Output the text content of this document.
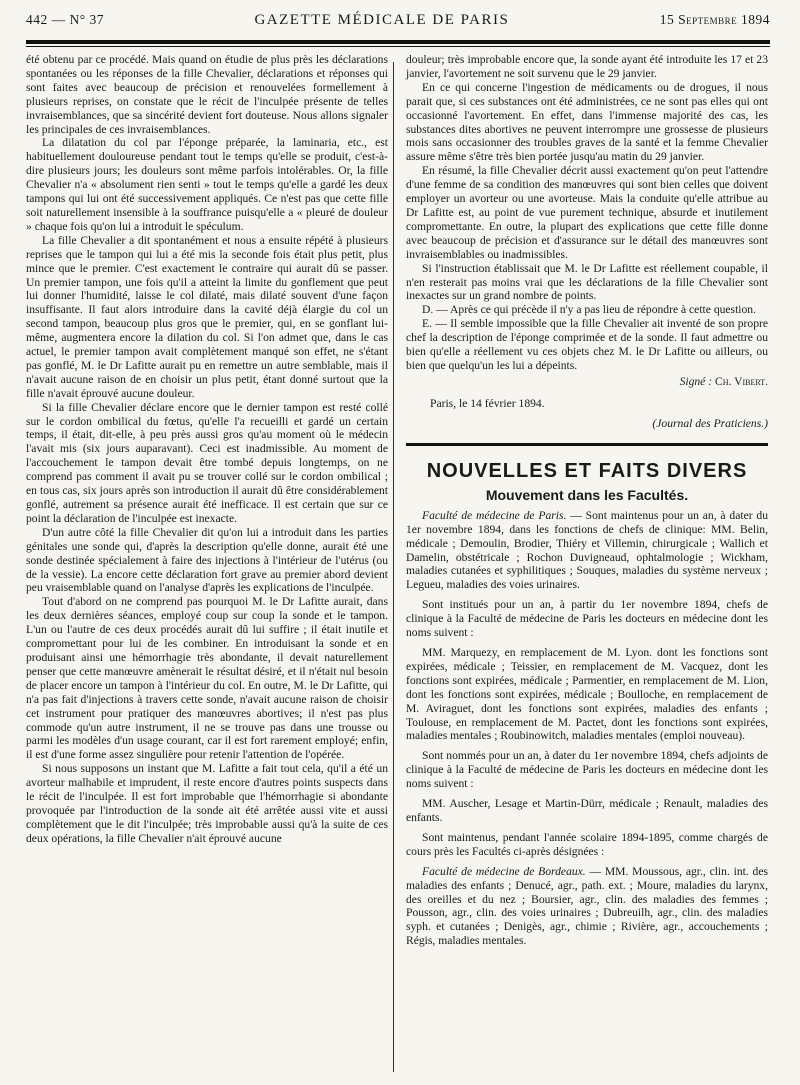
442 — N° 37	GAZETTE MÉDICALE DE PARIS	15 Septembre 1894

été obtenu par ce procédé. Mais quand on étudie de plus près les déclarations spontanées ou les réponses de la fille Chevalier, déclarations et réponses qui sont faites avec beaucoup de précision et renouvelées formellement à plusieurs reprises, on constate que le récit de l'inculpée présente de telles invraisemblances, que sa sincérité devient fort douteuse. Nous allons signaler les principales de ces invraisemblances.

La dilatation du col par l'éponge préparée, la laminaria, etc., est habituellement douloureuse pendant tout le temps qu'elle se produit, c'est-à-dire plusieurs jours; les douleurs sont même parfois intolérables. Or, la fille Chevalier n'a « absolument rien senti » tout le temps qu'elle a gardé les deux tampons qui lui ont été successivement appliqués. Ce n'est pas que cette fille soit naturellement insensible à la souffrance puisqu'elle a « pleuré de douleur » chaque fois qu'on lui a introduit le spéculum.

La fille Chevalier a dit spontanément et nous a ensuite répété à plusieurs reprises que le tampon qui lui a été mis la seconde fois était plus petit, plus mince que le premier. C'est exactement le contraire qui aurait dû se passer. Un premier tampon, une fois qu'il a atteint la limite du gonflement que peut lui donner l'humidité, laisse le col dilaté, mais dilaté souvent d'une façon insuffisante. Il faut alors introduire dans la cavité déjà élargie du col un second tampon, beaucoup plus gros que le premier, qui, en se gonflant lui-même, augmentera encore la dilation du col. Si l'on admet que, dans le cas actuel, le premier tampon avait complètement manqué son effet, ne s'étant pas gonflé, M. le Dr Lafitte aurait pu en remettre un autre semblable, mais il n'avait aucune raison de en choisir un plus petit, étant donné surtout que la fille n'avait éprouvé aucune douleur.

Si la fille Chevalier déclare encore que le dernier tampon est resté collé sur le cordon ombilical du fœtus, qu'elle l'a recueilli et gardé un certain temps, il était, dit-elle, à peu près aussi gros qu'au moment où le médecin l'avait mis (six jours auparavant). Ceci est inadmissible. Au moment de l'accouchement le tampon devait être tombé depuis longtemps, on ne comprend pas comment il avait pu se trouver collé sur le cordon ombilical ; en tous cas, six jours après son introduction il aurait dû être considérablement gonflé, autrement sa présence aurait été inefficace. Il est certain que sur ce point la déclaration de l'inculpée est inexacte.

D'un autre côté la fille Chevalier dit qu'on lui a introduit dans les parties génitales une sonde qui, d'après la description qu'elle donne, aurait été une sonde destinée spécialement à faire des injections à l'intérieur de l'utérus (ou de la vessie). La encore cette déclaration fort grave au premier abord devient peu vraisemblable quand on l'analyse d'après les explications de l'inculpée.

Tout d'abord on ne comprend pas pourquoi M. le Dr Lafitte aurait, dans les deux dernières séances, employé coup sur coup la sonde et le tampon. L'un ou l'autre de ces deux procédés aurait dû lui suffire ; il était inutile et compromettant pour lui de les combiner. En introduisant la sonde et en produisant ainsi une hémorrhagie très abondante, il devait naturellement penser que cette manœuvre amènerait le résultat désiré, et il n'était nul besoin de placer encore un tampon à l'intérieur du col. En outre, M. le Dr Lafitte, qui n'a pas fait d'injections à travers cette sonde, n'avait aucune raison de choisir cet instrument pour pratiquer des manœuvres abortives; il n'est pas plus commode qu'un autre instrument, il ne se trouve pas dans une trousse ou parmi les modèles d'un usage courant, car il est fort rarement employé; enfin, il est d'une forme assez singulière pour retenir l'attention de l'opérée.

Si nous supposons un instant que M. Lafitte a fait tout cela, qu'il a été un avorteur malhabile et imprudent, il reste encore d'autres points suspects dans le récit de l'inculpée. Il est fort improbable que l'hémorrhagie si abondante provoquée par l'introduction de la sonde ait été arrêtée aussi vite et aussi complètement que le dit l'inculpée; très improbable aussi qu'à la suite de ces deux opérations, la fille Chevalier n'ait éprouvé aucune

douleur; très improbable encore que, la sonde ayant été introduite les 17 et 23 janvier, l'avortement ne soit survenu que le 29 janvier.

En ce qui concerne l'ingestion de médicaments ou de drogues, il nous parait que, si ces substances ont été administrées, ce ne sont pas elles qui ont occasionné l'avortement. En effet, dans l'immense majorité des cas, les substances dites abortives ne peuvent interrompre une grossesse de plusieurs mois sans occasionner des troubles graves de la santé et la femme Chevalier assure même s'être très bien portée jusqu'au matin du 29 janvier.

En résumé, la fille Chevalier décrit aussi exactement qu'on peut l'attendre d'une femme de sa condition des manœuvres qui sont bien celles que doivent employer un avorteur ou une avorteuse. Mais la conduite qu'elle attribue au Dr Lafitte est, au point de vue purement technique, absurde et inutilement compromettante. En outre, la plupart des explications que cette fille donne avec beaucoup de précision et d'assurance sur le détail des manœuvres sont invraisemblables ou inadmissibles.

Si l'instruction établissait que M. le Dr Lafitte est réellement coupable, il n'en resterait pas moins vrai que les déclarations de la fille Chevalier sont inexactes sur un grand nombre de points.

D. — Après ce qui précède il n'y a pas lieu de répondre à cette question.

E. — Il semble impossible que la fille Chevalier ait inventé de son propre chef la description de l'éponge comprimée et de la sonde. Il faut admettre ou bien qu'elle a réellement vu ces objets chez M. le Dr Lafitte ou ailleurs, ou bien que quelqu'un les lui a dépeints.

Signé : Ch. Vibert.
Paris, le 14 février 1894.
(Journal des Praticiens.)
NOUVELLES ET FAITS DIVERS
Mouvement dans les Facultés.

Faculté de médecine de Paris. — Sont maintenus pour un an, à dater du 1er novembre 1894, dans les fonctions de chefs de clinique: MM. Belin, médicale ; Demoulin, Brodier, Thiéry et Villemin, chirurgicale ; Wallich et Damelin, obstétricale ; Rochon Duvigneaud, ophtalmologie ; Wickham, maladies cutanées et syphilitiques ; Souques, maladies du système nerveux ; Legueu, maladies des voies urinaires.

Sont institués pour un an, à partir du 1er novembre 1894, chefs de clinique à la Faculté de médecine de Paris les docteurs en médecine dont les noms suivent :

MM. Marquezy, en remplacement de M. Lyon. dont les fonctions sont expirées, médicale ; Teissier, en remplacement de M. Vacquez, dont les fonctions sont expirées, médicale ; Parmentier, en remplacement de M. Lion, dont les fonctions sont expirées, médicale ; Boulloche, en remplacement de M. Aviraguet, dont les fonctions sont expirées, maladies des enfants ; Toulouse, en remplacement de M. Pactet, dont les fonctions sont expirées, maladies mentales ; Roubinowitch, maladies mentales (emploi nouveau).

Sont nommés pour un an, à dater du 1er novembre 1894, chefs adjoints de clinique à la Faculté de médecine de Paris les docteurs en médecine dont les noms suivent :

MM. Auscher, Lesage et Martin-Dürr, médicale ; Renault, maladies des enfants.

Sont maintenus, pendant l'année scolaire 1894-1895, comme chargés de cours près les Facultés ci-après désignées :

Faculté de médecine de Bordeaux. — MM. Moussous, agr., clin. int. des maladies des enfants ; Denucé, agr., path. ext. ; Moure, maladies du larynx, des oreilles et du nez ; Boursier, agr., clin. des maladies des femmes ; Pousson, agr., clin. des voies urinaires ; Dubreuilh, agr., clin. des maladies syph. et cutanées ; Denigès, agr., chimie ; Rivière, agr., accouchements ; Régis, maladies mentales.
